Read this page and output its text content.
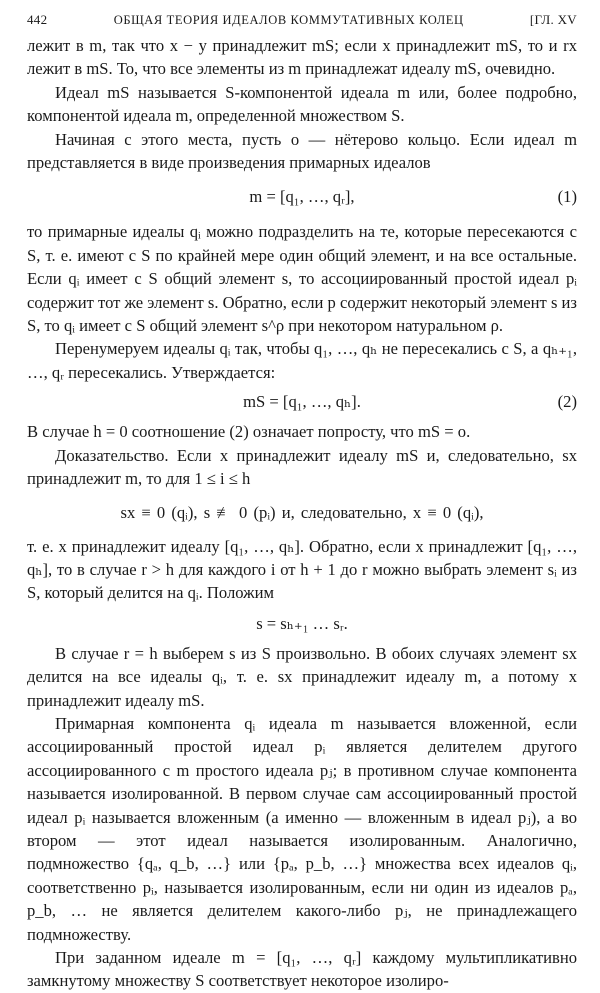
442	ОБЩАЯ ТЕОРИЯ ИДЕАЛОВ КОММУТАТИВНЫХ КОЛЕЦ	[ГЛ. XV

лежит в m, так что x − y принадлежит mS; если x принадлежит mS, то и rx лежит в mS. То, что все элементы из m принадлежат идеалу mS, очевидно.

Идеал mS называется S-компонентой идеала m или, более подробно, компонентой идеала m, определенной множеством S.

Начиная с этого места, пусть o — нётерово кольцо. Если идеал m представляется в виде произведения примарных идеалов

m = [q₁, …, qᵣ],	(1)

то примарные идеалы qᵢ можно подразделить на те, которые пересекаются с S, т. е. имеют с S по крайней мере один общий элемент, и на все остальные. Если qᵢ имеет с S общий элемент s, то ассоциированный простой идеал pᵢ содержит тот же элемент s. Обратно, если p содержит некоторый элемент s из S, то qᵢ имеет с S общий элемент s^ρ при некотором натуральном ρ.

Перенумеруем идеалы qᵢ так, чтобы q₁, …, qₕ не пересекались с S, а qₕ₊₁, …, qᵣ пересекались. Утверждается:

mS = [q₁, …, qₕ].	(2)

В случае h = 0 соотношение (2) означает попросту, что mS = o.

Доказательство. Если x принадлежит идеалу mS и, следовательно, sx принадлежит m, то для 1 ≤ i ≤ h

sx ≡ 0 (qᵢ), s ≢ 0 (pᵢ) и, следовательно, x ≡ 0 (qᵢ),

т. е. x принадлежит идеалу [q₁, …, qₕ]. Обратно, если x принадлежит [q₁, …, qₕ], то в случае r > h для каждого i от h + 1 до r можно выбрать элемент sᵢ из S, который делится на qᵢ. Положим

s = sₕ₊₁ … sᵣ.

В случае r = h выберем s из S произвольно. В обоих случаях элемент sx делится на все идеалы qᵢ, т. е. sx принадлежит идеалу m, а потому x принадлежит идеалу mS.

Примарная компонента qᵢ идеала m называется вложенной, если ассоциированный простой идеал pᵢ является делителем другого ассоциированного с m простого идеала pⱼ; в противном случае компонента называется изолированной. В первом случае сам ассоциированный простой идеал pᵢ называется вложенным (а именно — вложенным в идеал pⱼ), а во втором — этот идеал называется изолированным. Аналогично, подмножество {qₐ, q_b, …} или {pₐ, p_b, …} множества всех идеалов qᵢ, соответственно pᵢ, называется изолированным, если ни один из идеалов pₐ, p_b, … не является делителем какого-либо pⱼ, не принадлежащего подмножеству.

При заданном идеале m = [q₁, …, qᵣ] каждому мультипликативно замкнутому множеству S соответствует некоторое изолиро-
